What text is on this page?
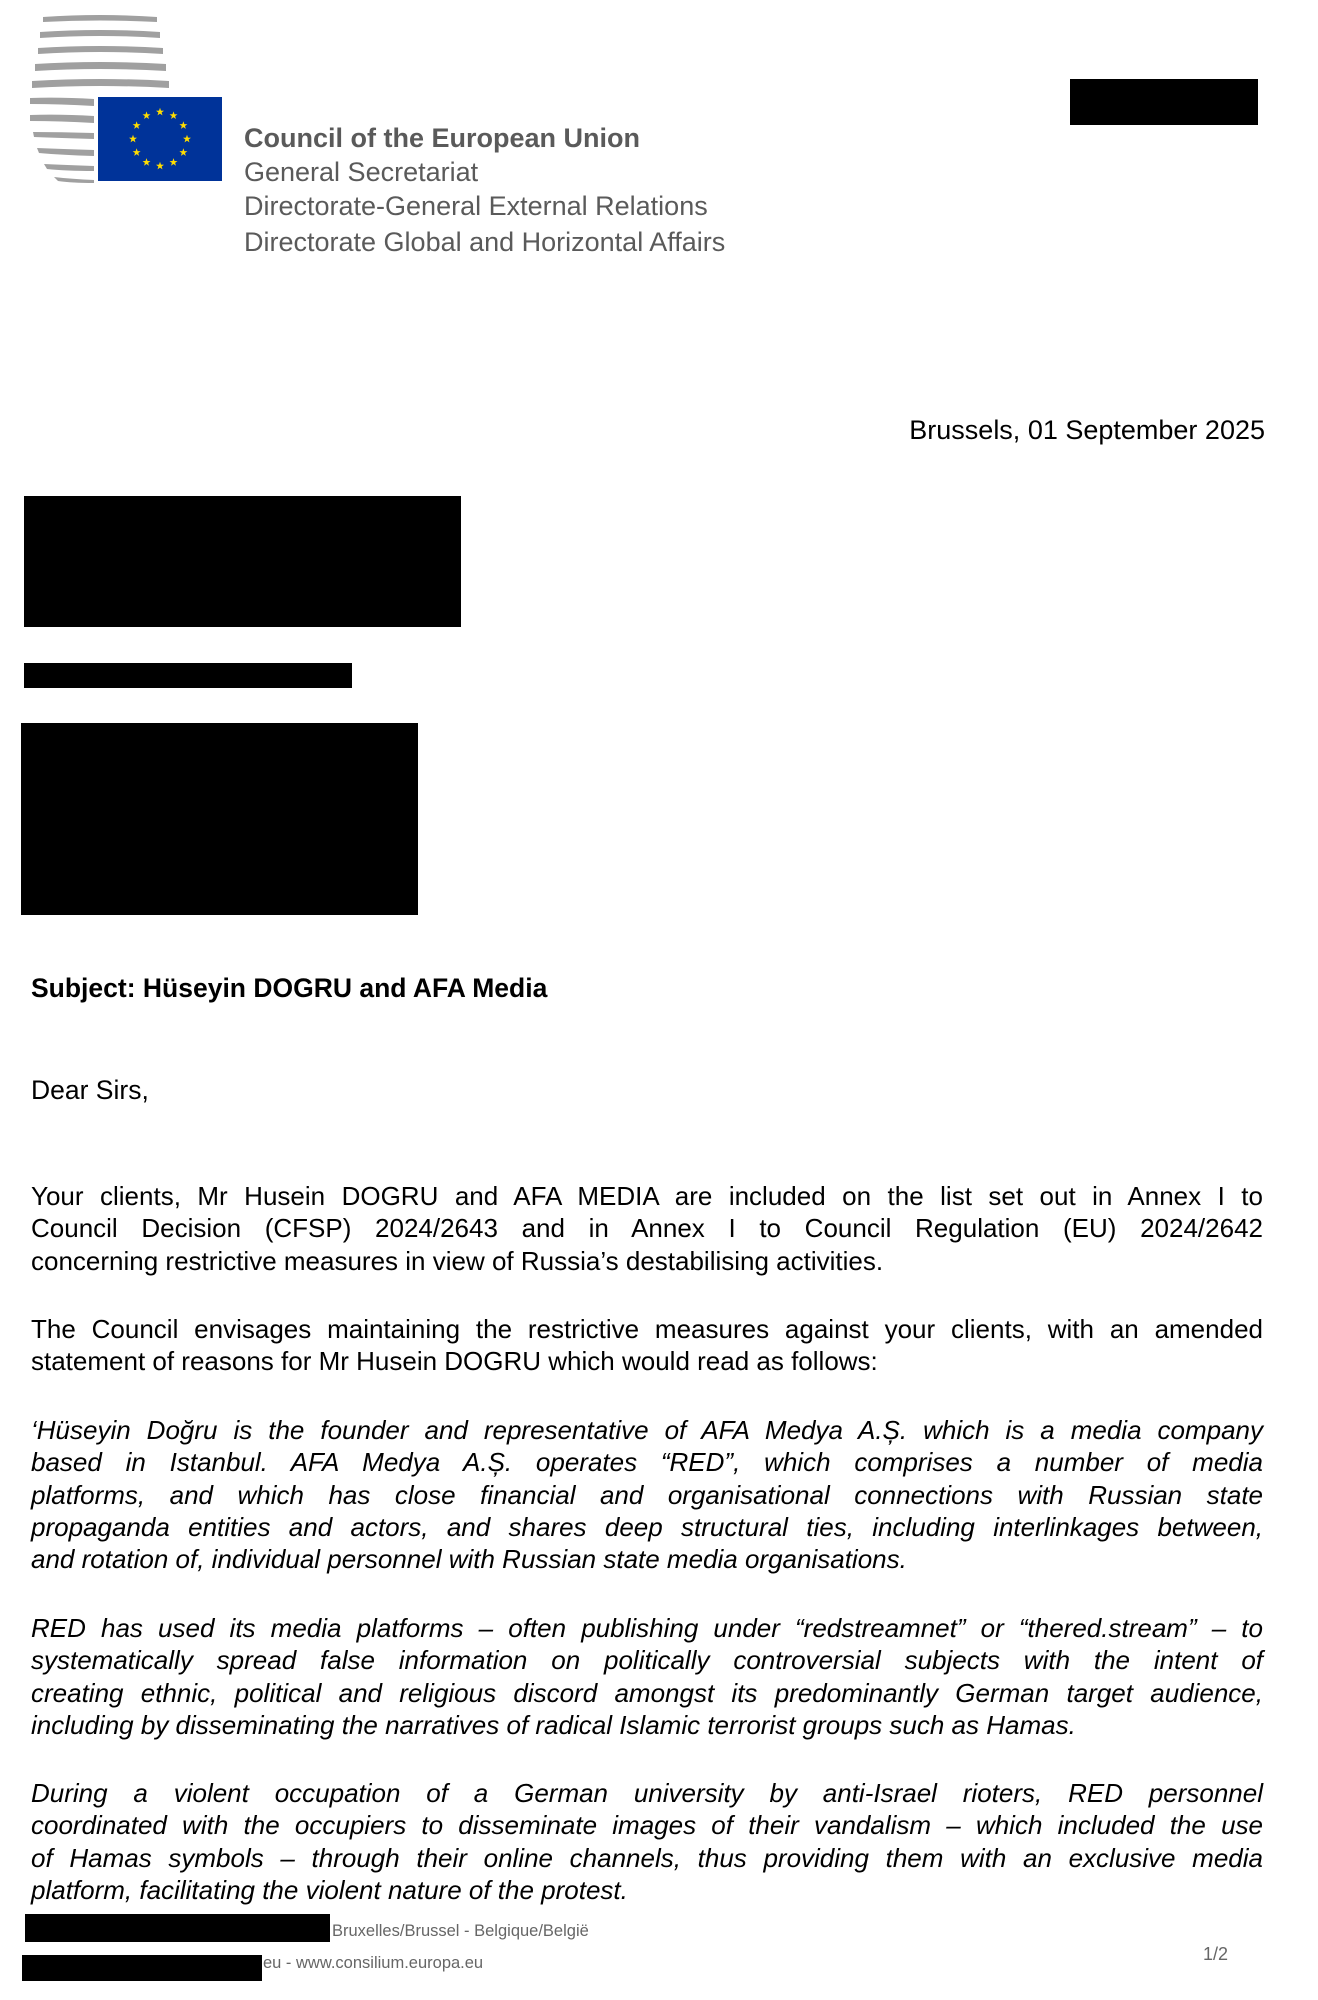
Council of the European Union
General Secretariat
Directorate-General External Relations
Directorate Global and Horizontal Affairs
Brussels, 01 September 2025
Subject: Hüseyin DOGRU and AFA Media
Dear Sirs,
Your clients, Mr Husein DOGRU and AFA MEDIA are included on the list set out in Annex I to
Council Decision (CFSP) 2024/2643 and in Annex I to Council Regulation (EU) 2024/2642
concerning restrictive measures in view of Russia’s destabilising activities.
The Council envisages maintaining the restrictive measures against your clients, with an amended
statement of reasons for Mr Husein DOGRU which would read as follows:
‘Hüseyin Doğru is the founder and representative of AFA Medya A.Ș. which is a media company
based in Istanbul. AFA Medya A.Ș. operates “RED”, which comprises a number of media
platforms, and which has close financial and organisational connections with Russian state
propaganda entities and actors, and shares deep structural ties, including interlinkages between,
and rotation of, individual personnel with Russian state media organisations.
RED has used its media platforms – often publishing under “redstreamnet” or “thered.stream” – to
systematically spread false information on politically controversial subjects with the intent of
creating ethnic, political and religious discord amongst its predominantly German target audience,
including by disseminating the narratives of radical Islamic terrorist groups such as Hamas.
During a violent occupation of a German university by anti-Israel rioters, RED personnel
coordinated with the occupiers to disseminate images of their vandalism – which included the use
of Hamas symbols – through their online channels, thus providing them with an exclusive media
platform, facilitating the violent nature of the protest.
Bruxelles/Brussel - Belgique/België
eu - www.consilium.europa.eu	1/2
